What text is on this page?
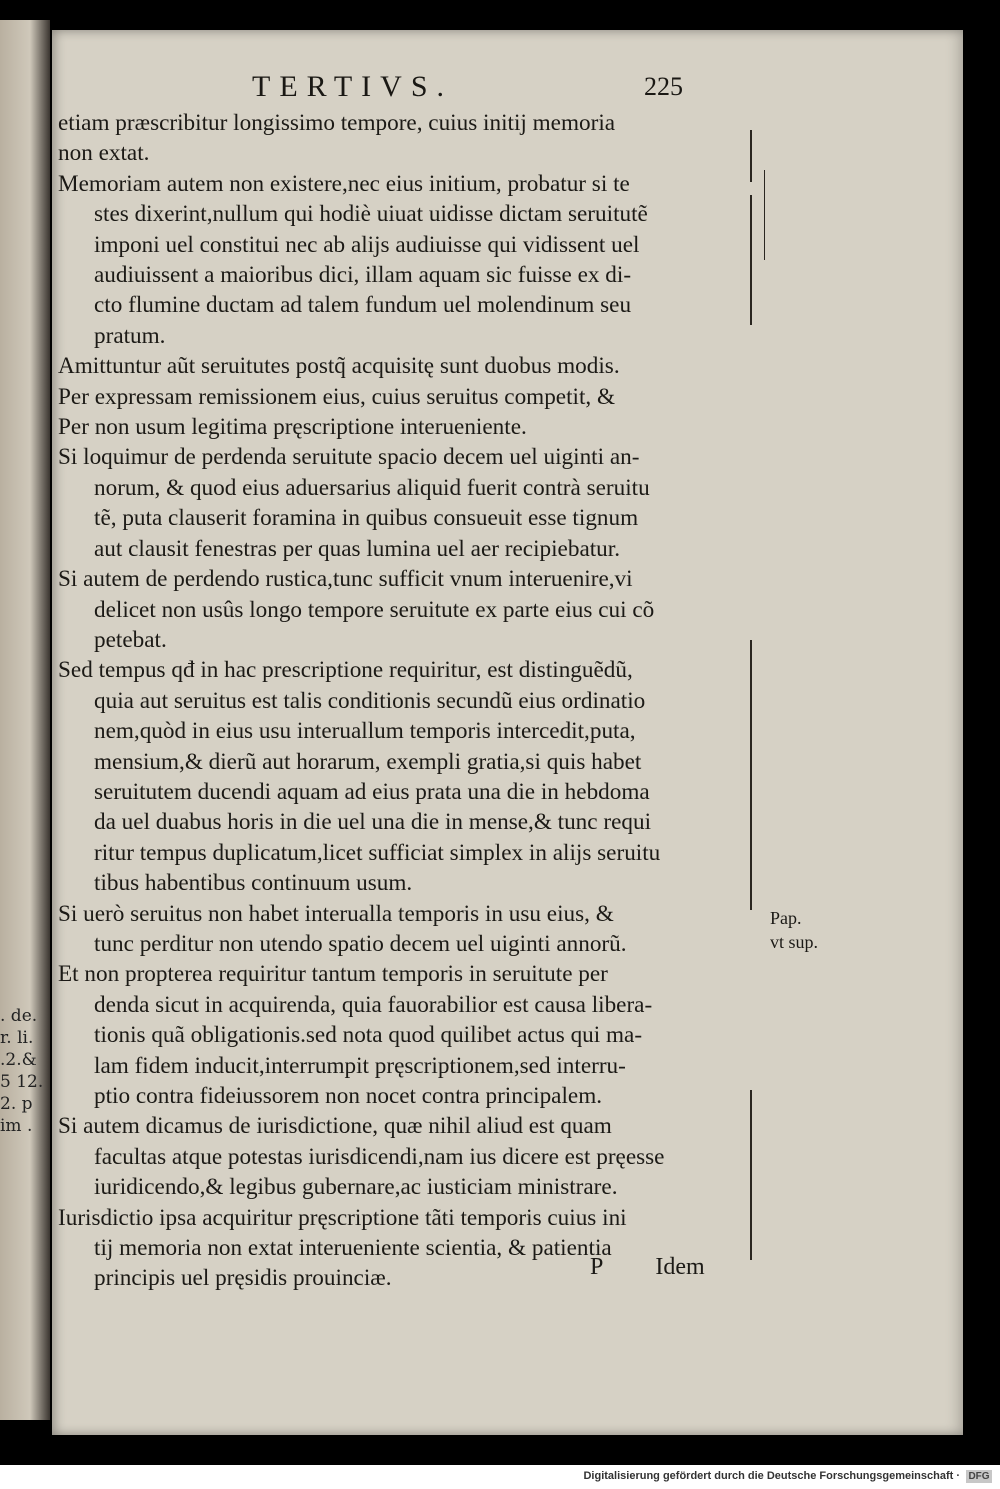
. de.
r. li.
.2.&
5 12.
2. p
im .
TERTIVS.	225
etiam præscribitur longissimo tempore, cuius initij memoria
non extat.
Memoriam autem non existere,nec eius initium, probatur si te
stes dixerint,nullum qui hodiè uiuat uidisse dictam seruitutẽ
imponi uel constitui nec ab alijs audiuisse qui vidissent uel
audiuissent a maioribus dici, illam aquam sic fuisse ex di-
cto flumine ductam ad talem fundum uel molendinum seu
pratum.
Amittuntur aũt seruitutes postq̃ acquisitę sunt duobus modis.
Per expressam remissionem eius, cuius seruitus competit, &
Per non usum legitima pręscriptione interueniente.
Si loquimur de perdenda seruitute spacio decem uel uiginti an-
norum, & quod eius aduersarius aliquid fuerit contrà seruitu
tẽ, puta clauserit foramina in quibus consueuit esse tignum
aut clausit fenestras per quas lumina uel aer recipiebatur.
Si autem de perdendo rustica,tunc sufficit vnum interuenire,vi
delicet non usûs longo tempore seruitute ex parte eius cui cõ
petebat.
Sed tempus qđ in hac prescriptione requiritur, est distinguẽdũ,
quia aut seruitus est talis conditionis secundũ eius ordinatio
nem,quòd in eius usu interuallum temporis intercedit,puta,
mensium,& dierũ aut horarum, exempli gratia,si quis habet
seruitutem ducendi aquam ad eius prata una die in hebdoma
da uel duabus horis in die uel una die in mense,& tunc requi
ritur tempus duplicatum,licet sufficiat simplex in alijs seruitu
tibus habentibus continuum usum.
Si uerò seruitus non habet interualla temporis in usu eius, &
tunc perditur non utendo spatio decem uel uiginti annorũ.
Et non propterea requiritur tantum temporis in seruitute per
denda sicut in acquirenda, quia fauorabilior est causa libera-
tionis quã obligationis.sed nota quod quilibet actus qui ma-
lam fidem inducit,interrumpit pręscriptionem,sed interru-
ptio contra fideiussorem non nocet contra principalem.
Si autem dicamus de iurisdictione, quæ nihil aliud est quam
facultas atque potestas iurisdicendi,nam ius dicere est pręesse
iuridicendo,& legibus gubernare,ac iusticiam ministrare.
Iurisdictio ipsa acquiritur pręscriptione tãti temporis cuius ini
tij memoria non extat interueniente scientia, & patientia
principis uel pręsidis prouinciæ.	P Idem
Pap.
vt sup.
Digitalisierung gefördert durch die Deutsche Forschungsgemeinschaft · DFG
